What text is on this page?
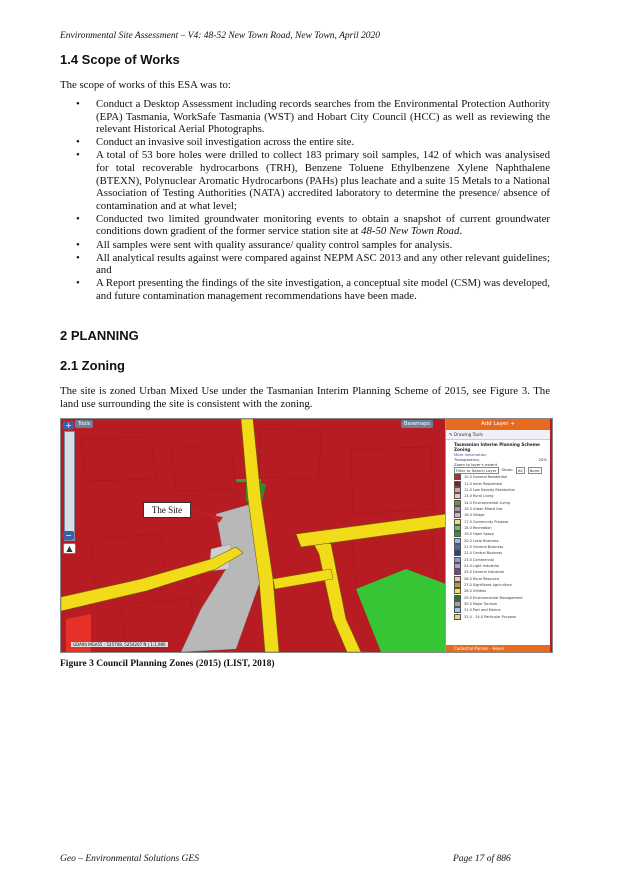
Environmental Site Assessment – V4: 48-52 New Town Road, New Town, April 2020
1.4 Scope of Works
The scope of works of this ESA was to:
• Conduct a Desktop Assessment including records searches from the Environmental Protection Authority (EPA) Tasmania, WorkSafe Tasmania (WST) and Hobart City Council (HCC) as well as reviewing the relevant Historical Aerial Photographs.
• Conduct an invasive soil investigation across the entire site.
• A total of 53 bore holes were drilled to collect 183 primary soil samples, 142 of which was analysised for total recoverable hydrocarbons (TRH), Benzene Toluene Ethylbenzene Xylene Naphthalene (BTEXN), Polynuclear Aromatic Hydrocarbons (PAHs) plus leachate and a suite 15 Metals to a National Association of Testing Authorities (NATA) accredited laboratory to determine the presence/ absence of contamination and at what level;
• Conducted two limited groundwater monitoring events to obtain a snapshot of current groundwater conditions down gradient of the former service station site at 48-50 New Town Road.
• All samples were sent with quality assurance/ quality control samples for analysis.
• All analytical results against were compared against NEPM ASC 2013 and any other relevant guidelines; and
• A Report presenting the findings of the site investigation, a conceptual site model (CSM) was developed, and future contamination management recommendations have been made.
2 PLANNING
2.1 Zoning
The site is zoned Urban Mixed Use under the Tasmanian Interim Planning Scheme of 2015, see Figure 3. The land use surrounding the site is consistent with the zoning.
Tools	Basemaps
+
−
▲
The Site
GDA94 MGA55 : 525708, 5254207 N | 1:1,980
Add Layer +
✎ Drawing Tools
Tasmanian Interim Planning Scheme Zoning
More information
Transparency	20%
Zoom to layer's extent
Filter or Search Layer	Show:	All	None
10.0 General Residential
11.0 Inner Residential
12.0 Low Density Residential
13.0 Rural Living
14.0 Environmental Living
15.0 Urban Mixed Use
16.0 Village
17.0 Community Purpose
18.0 Recreation
19.0 Open Space
20.0 Local Business
21.0 General Business
22.0 Central Business
23.0 Commercial
24.0 Light Industrial
25.0 General Industrial
26.0 Rural Resource
27.0 Significant Agriculture
28.0 Utilities
29.0 Environmental Management
30.0 Major Tourism
31.0 Port and Marine
32.0 - 34.0 Particular Purpose
Cadastral Parcels - Hover
Figure 3 Council Planning Zones (2015) (LIST, 2018)
Geo – Environmental Solutions GES	Page 17 of 886
